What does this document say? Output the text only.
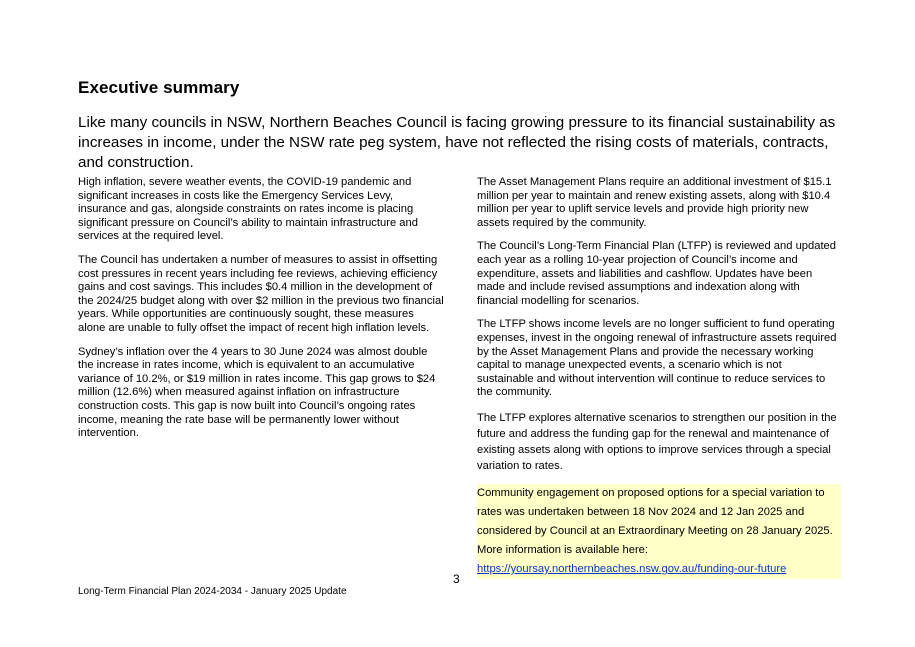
Executive summary

Like many councils in NSW, Northern Beaches Council is facing growing pressure to its financial sustainability as increases in income, under the NSW rate peg system, have not reflected the rising costs of materials, contracts, and construction.

High inflation, severe weather events, the COVID-19 pandemic and significant increases in costs like the Emergency Services Levy, insurance and gas, alongside constraints on rates income is placing significant pressure on Council’s ability to maintain infrastructure and services at the required level.

The Council has undertaken a number of measures to assist in offsetting cost pressures in recent years including fee reviews, achieving efficiency gains and cost savings. This includes $0.4 million in the development of the 2024/25 budget along with over $2 million in the previous two financial years. While opportunities are continuously sought, these measures alone are unable to fully offset the impact of recent high inflation levels.

Sydney’s inflation over the 4 years to 30 June 2024 was almost double the increase in rates income, which is equivalent to an accumulative variance of 10.2%, or $19 million in rates income. This gap grows to $24 million (12.6%) when measured against inflation on infrastructure construction costs. This gap is now built into Council’s ongoing rates income, meaning the rate base will be permanently lower without intervention.

The Asset Management Plans require an additional investment of $15.1 million per year to maintain and renew existing assets, along with $10.4 million per year to uplift service levels and provide high priority new assets required by the community.

The Council’s Long-Term Financial Plan (LTFP) is reviewed and updated each year as a rolling 10-year projection of Council’s income and expenditure, assets and liabilities and cashflow. Updates have been made and include revised assumptions and indexation along with financial modelling for scenarios.

The LTFP shows income levels are no longer sufficient to fund operating expenses, invest in the ongoing renewal of infrastructure assets required by the Asset Management Plans and provide the necessary working capital to manage unexpected events, a scenario which is not sustainable and without intervention will continue to reduce services to the community.

The LTFP explores alternative scenarios to strengthen our position in the future and address the funding gap for the renewal and maintenance of existing assets along with options to improve services through a special variation to rates.

Community engagement on proposed options for a special variation to rates was undertaken between 18 Nov 2024 and 12 Jan 2025 and considered by Council at an Extraordinary Meeting on 28 January 2025. More information is available here:
https://yoursay.northernbeaches.nsw.gov.au/funding-our-future

3
Long-Term Financial Plan 2024-2034 - January 2025 Update
